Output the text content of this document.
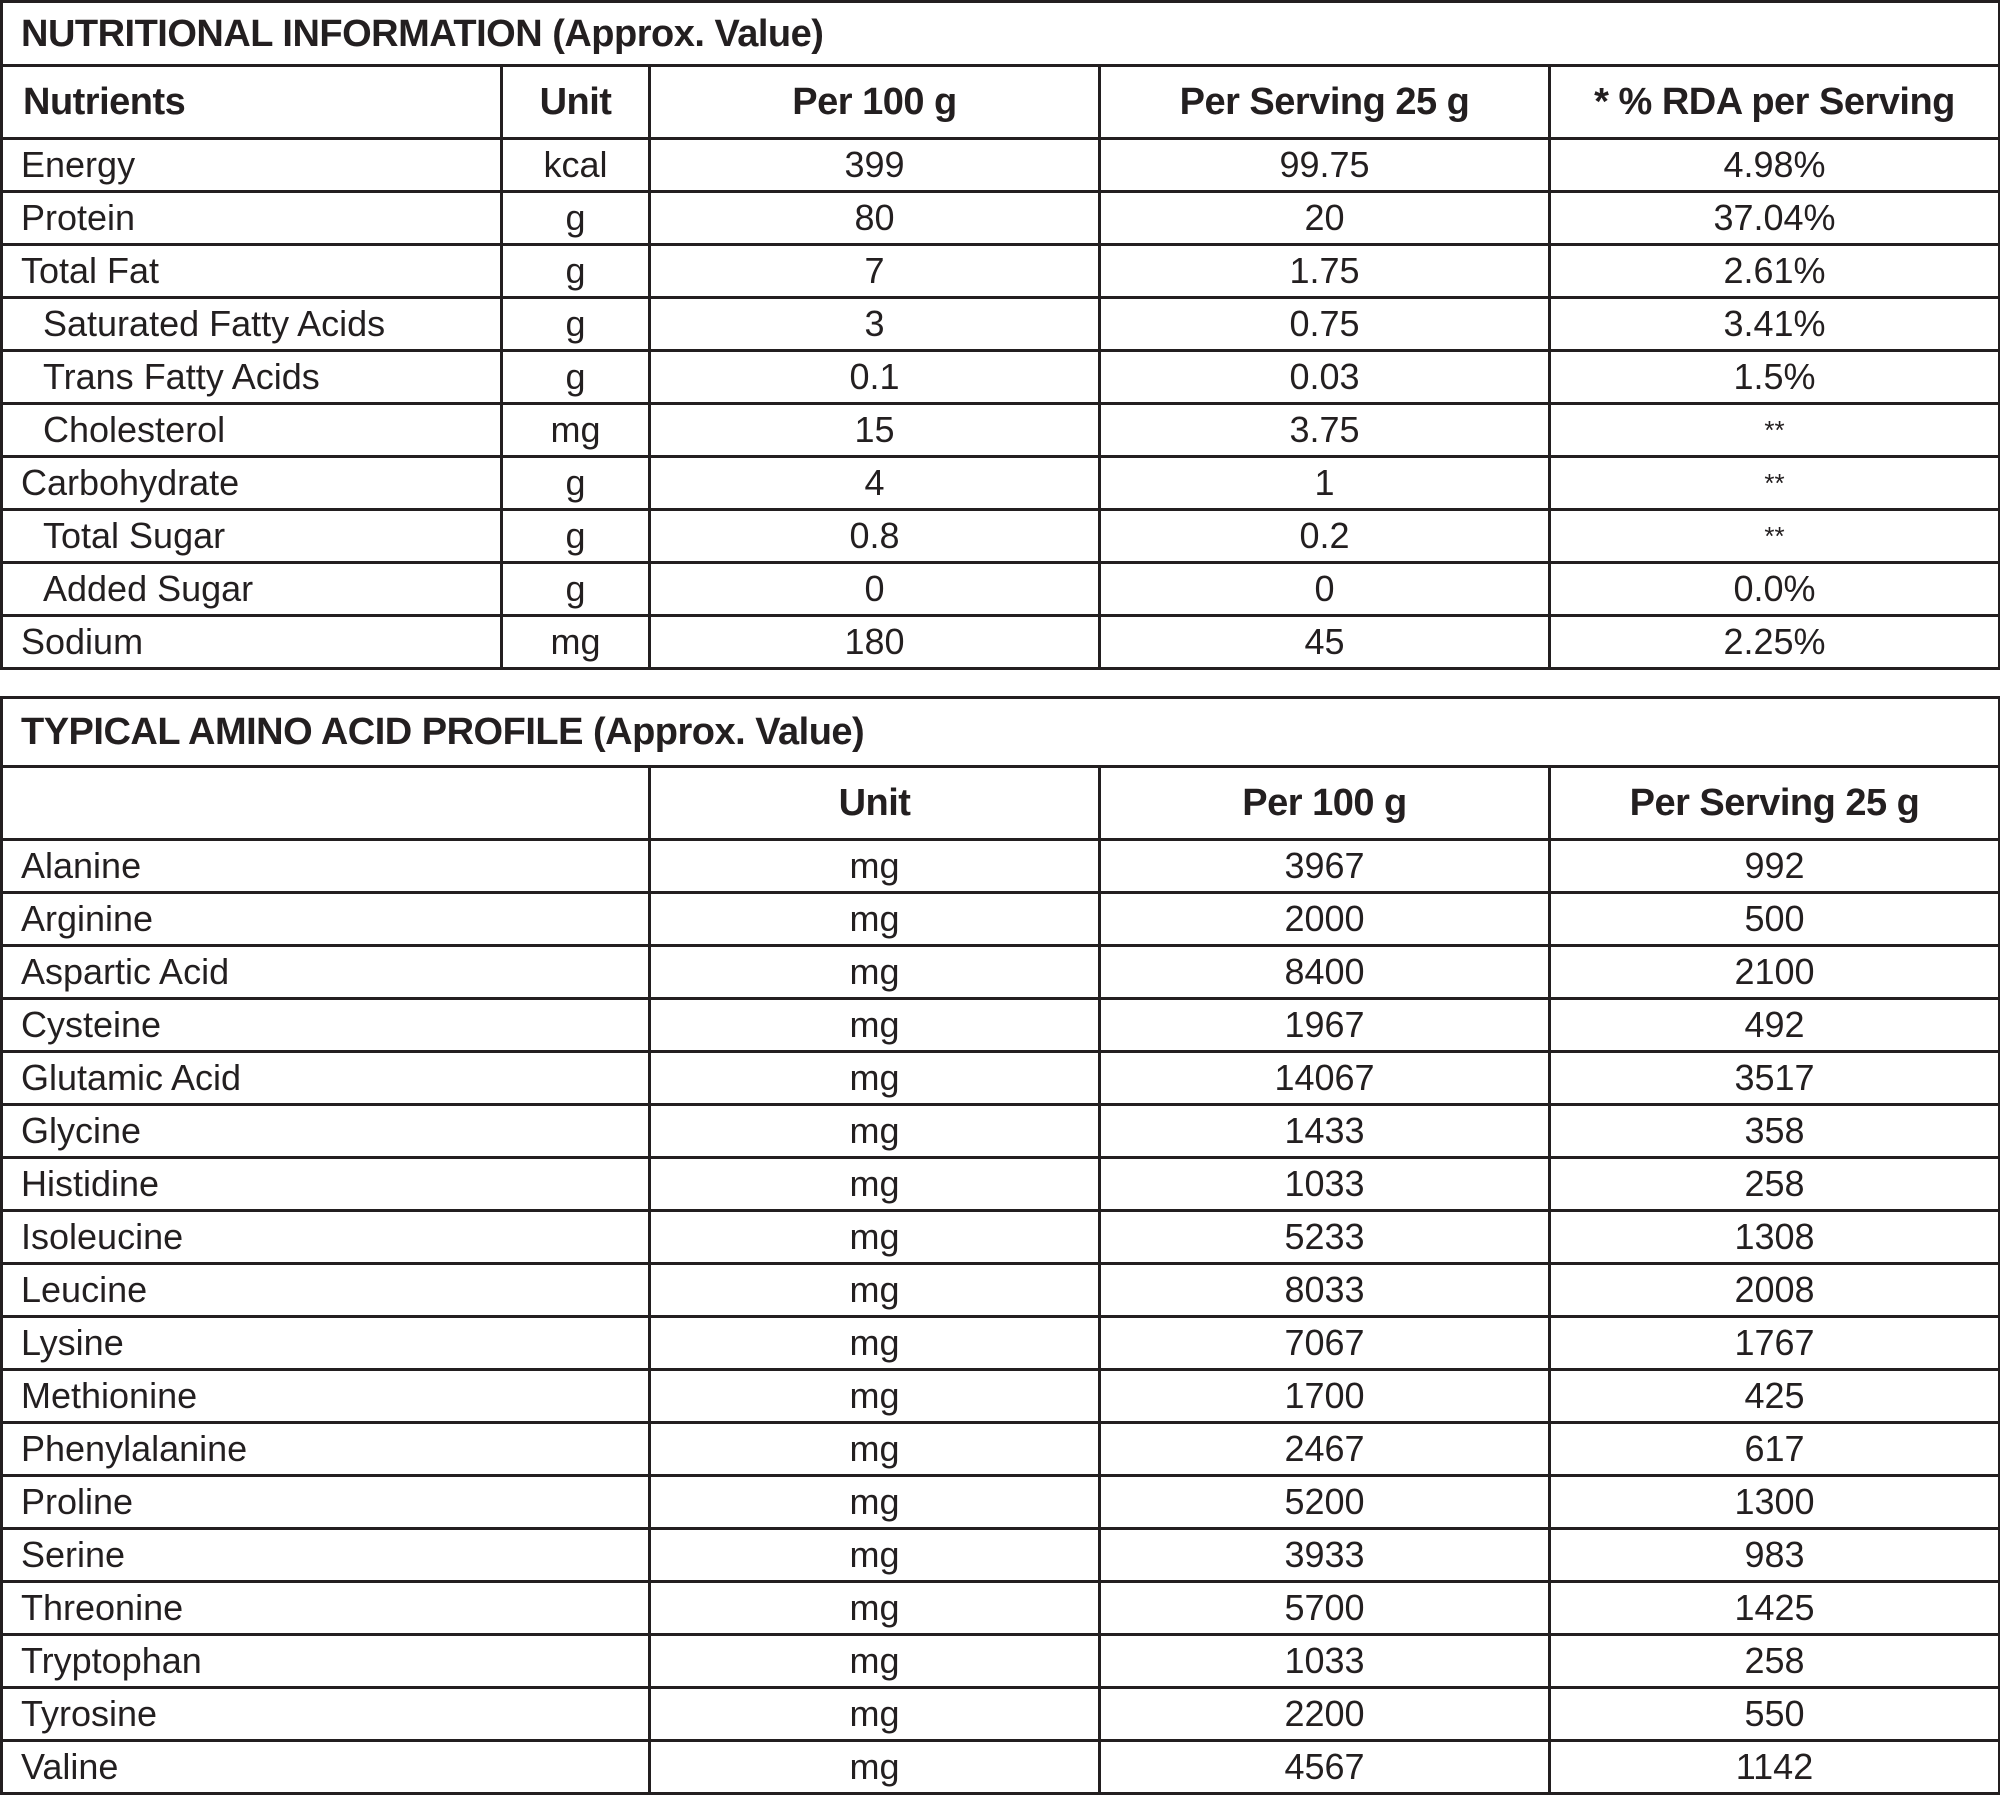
NUTRITIONAL INFORMATION (Approx. Value)				
Nutrients	Unit	Per 100 g	Per Serving 25 g	* % RDA per Serving
Energy	kcal	399	99.75	4.98%
Protein	g	80	20	37.04%
Total Fat	g	7	1.75	2.61%
Saturated Fatty Acids	g	3	0.75	3.41%
Trans Fatty Acids	g	0.1	0.03	1.5%
Cholesterol	mg	15	3.75	**
Carbohydrate	g	4	1	**
Total Sugar	g	0.8	0.2	**
Added Sugar	g	0	0	0.0%
Sodium	mg	180	45	2.25%
TYPICAL AMINO ACID PROFILE (Approx. Value)			
	Unit	Per 100 g	Per Serving 25 g
Alanine	mg	3967	992
Arginine	mg	2000	500
Aspartic Acid	mg	8400	2100
Cysteine	mg	1967	492
Glutamic Acid	mg	14067	3517
Glycine	mg	1433	358
Histidine	mg	1033	258
Isoleucine	mg	5233	1308
Leucine	mg	8033	2008
Lysine	mg	7067	1767
Methionine	mg	1700	425
Phenylalanine	mg	2467	617
Proline	mg	5200	1300
Serine	mg	3933	983
Threonine	mg	5700	1425
Tryptophan	mg	1033	258
Tyrosine	mg	2200	550
Valine	mg	4567	1142
